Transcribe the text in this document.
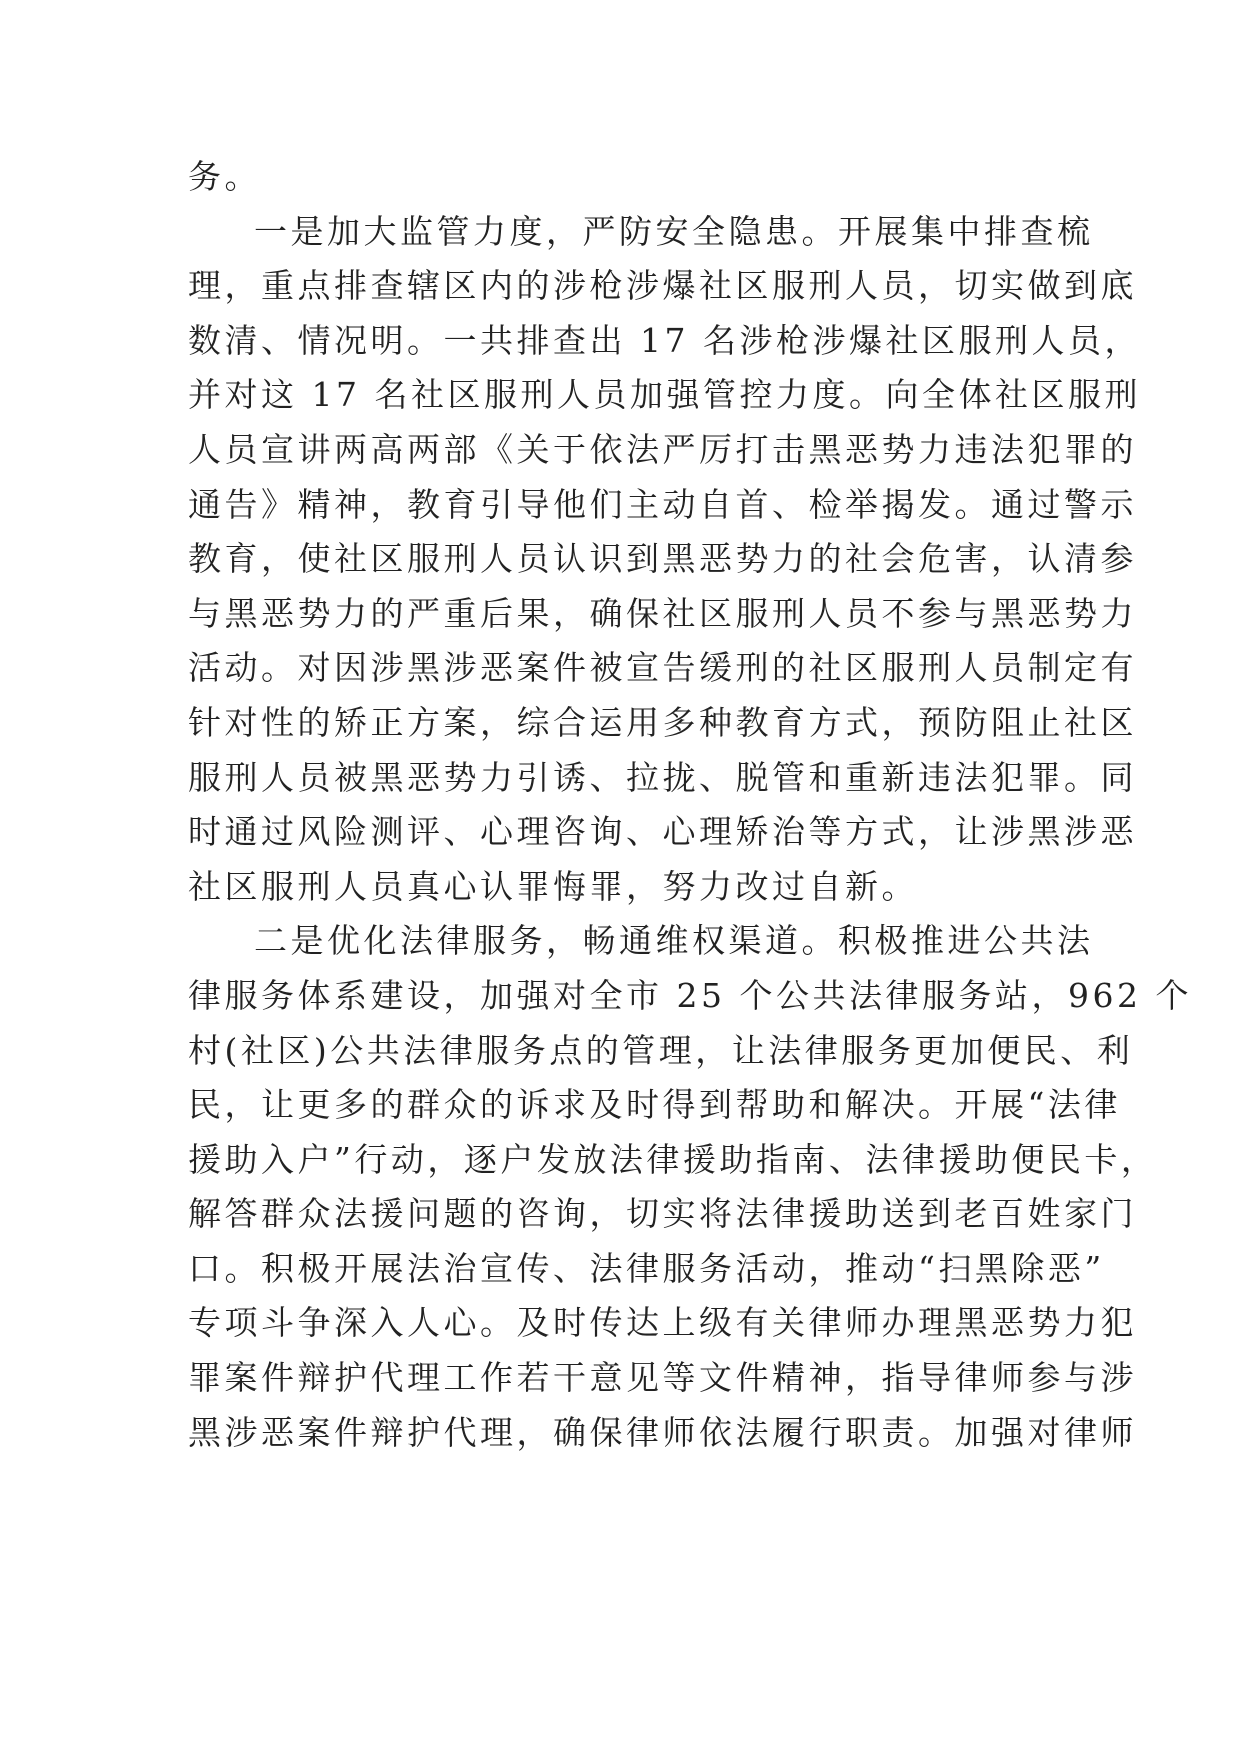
务。
一是加大监管力度，严防安全隐患。开展集中排查梳
理，重点排查辖区内的涉枪涉爆社区服刑人员，切实做到底
数清、情况明。一共排查出 17 名涉枪涉爆社区服刑人员，
并对这 17 名社区服刑人员加强管控力度。向全体社区服刑
人员宣讲两高两部《关于依法严厉打击黑恶势力违法犯罪的
通告》精神，教育引导他们主动自首、检举揭发。通过警示
教育，使社区服刑人员认识到黑恶势力的社会危害，认清参
与黑恶势力的严重后果，确保社区服刑人员不参与黑恶势力
活动。对因涉黑涉恶案件被宣告缓刑的社区服刑人员制定有
针对性的矫正方案，综合运用多种教育方式，预防阻止社区
服刑人员被黑恶势力引诱、拉拢、脱管和重新违法犯罪。同
时通过风险测评、心理咨询、心理矫治等方式，让涉黑涉恶
社区服刑人员真心认罪悔罪，努力改过自新。
二是优化法律服务，畅通维权渠道。积极推进公共法
律服务体系建设，加强对全市 25 个公共法律服务站，962 个
村(社区)公共法律服务点的管理，让法律服务更加便民、利
民，让更多的群众的诉求及时得到帮助和解决。开展“法律
援助入户”行动，逐户发放法律援助指南、法律援助便民卡，
解答群众法援问题的咨询，切实将法律援助送到老百姓家门
口。积极开展法治宣传、法律服务活动，推动“扫黑除恶”
专项斗争深入人心。及时传达上级有关律师办理黑恶势力犯
罪案件辩护代理工作若干意见等文件精神，指导律师参与涉
黑涉恶案件辩护代理，确保律师依法履行职责。加强对律师
